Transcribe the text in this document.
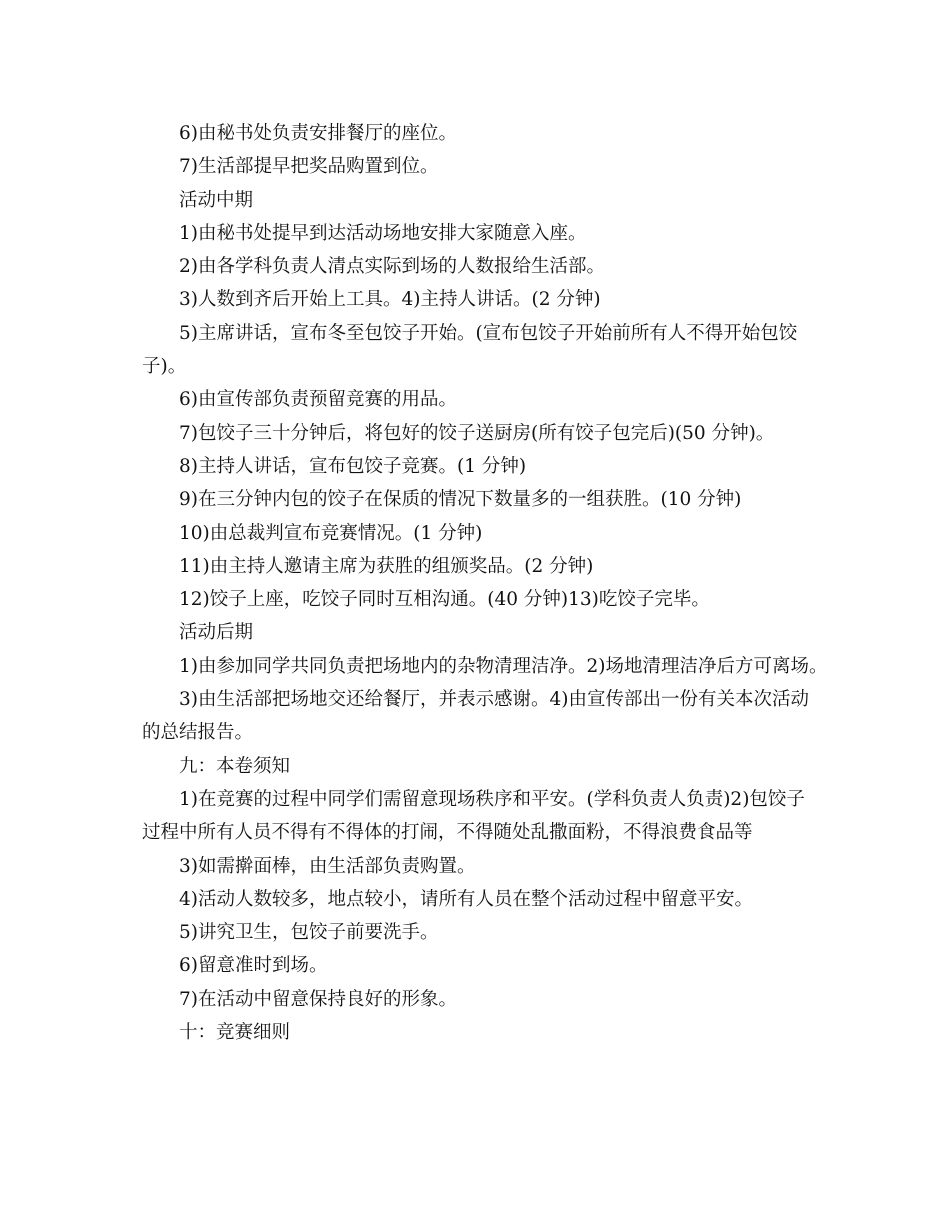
6)由秘书处负责安排餐厅的座位。

7)生活部提早把奖品购置到位。

活动中期

1)由秘书处提早到达活动场地安排大家随意入座。

2)由各学科负责人清点实际到场的人数报给生活部。

3)人数到齐后开始上工具。4)主持人讲话。(2 分钟)

5)主席讲话，宣布冬至包饺子开始。(宣布包饺子开始前所有人不得开始包饺

子)。

6)由宣传部负责预留竞赛的用品。

7)包饺子三十分钟后，将包好的饺子送厨房(所有饺子包完后)(50 分钟)。

8)主持人讲话，宣布包饺子竞赛。(1 分钟)

9)在三分钟内包的饺子在保质的情况下数量多的一组获胜。(10 分钟)

10)由总裁判宣布竞赛情况。(1 分钟)

11)由主持人邀请主席为获胜的组颁奖品。(2 分钟)

12)饺子上座，吃饺子同时互相沟通。(40 分钟)13)吃饺子完毕。

活动后期

1)由参加同学共同负责把场地内的杂物清理洁净。2)场地清理洁净后方可离场。

3)由生活部把场地交还给餐厅，并表示感谢。4)由宣传部出一份有关本次活动

的总结报告。

九：本卷须知

1)在竞赛的过程中同学们需留意现场秩序和平安。(学科负责人负责)2)包饺子

过程中所有人员不得有不得体的打闹，不得随处乱撒面粉，不得浪费食品等

3)如需擀面棒，由生活部负责购置。

4)活动人数较多，地点较小，请所有人员在整个活动过程中留意平安。

5)讲究卫生，包饺子前要洗手。

6)留意准时到场。

7)在活动中留意保持良好的形象。

十：竞赛细则
